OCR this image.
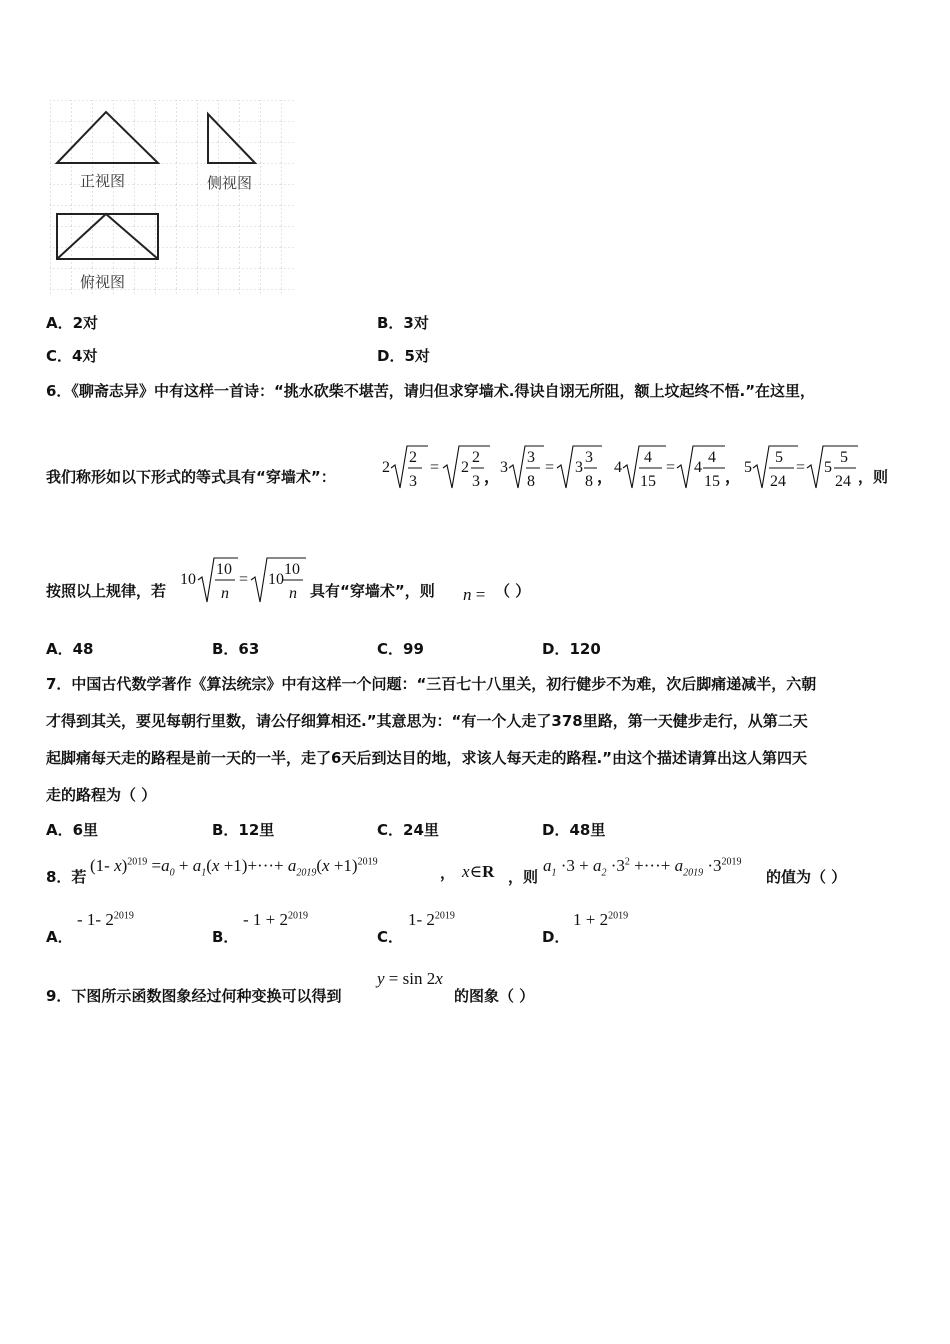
正视图	侧视图
俯视图
A．2对	B．3对
C．4对	D．5对
6．《聊斋志异》中有这样一首诗：“挑水砍柴不堪苦，请归但求穿墙术.得诀自诩无所阻，额上坟起终不悟.”在这里，
我们称形如以下形式的等式具有“穿墙术”：
2
2
3
= 2
2
3 ， 3
3
8
= 3
3
8 ， 4
4
15
= 4
4
15 ， 5
5
24
= 5
5
24 ，则
按照以上规律，若
10
10
n
= 10
10
n 具有“穿墙术”，则 n = （ ）
A．48	B．63	C．99	D．120
7．中国古代数学著作《算法统宗》中有这样一个问题：“三百七十八里关，初行健步不为难，次后脚痛递减半，六朝
才得到其关，要见每朝行里数，请公仔细算相还.”其意思为：“有一个人走了378里路，第一天健步走行，从第二天
起脚痛每天走的路程是前一天的一半，走了6天后到达目的地，求该人每天走的路程.”由这个描述请算出这人第四天
走的路程为（ ）
A．6里	B．12里	C．24里	D．48里
8．若
(1- $x)^{2019} =a_0 + a_1(x +1)+\cdot\cdot\cdot+ a_{2019}(x +1)^{2019}$
， x∈R ，则
$a_1 \cdot 3 + a_2 \cdot 3^2$ +···+ $a_{2019} \cdot 3^{2019}$
的值为（ ）
A．
- 1- $2^{2019}$
B．
- $1 + 2^{2019}$
C．
1- $2^{2019}$
D．
$1 + 2^{2019}$
9．下图所示函数图象经过何种变换可以得到
y = sin 2x
的图象（ ）
